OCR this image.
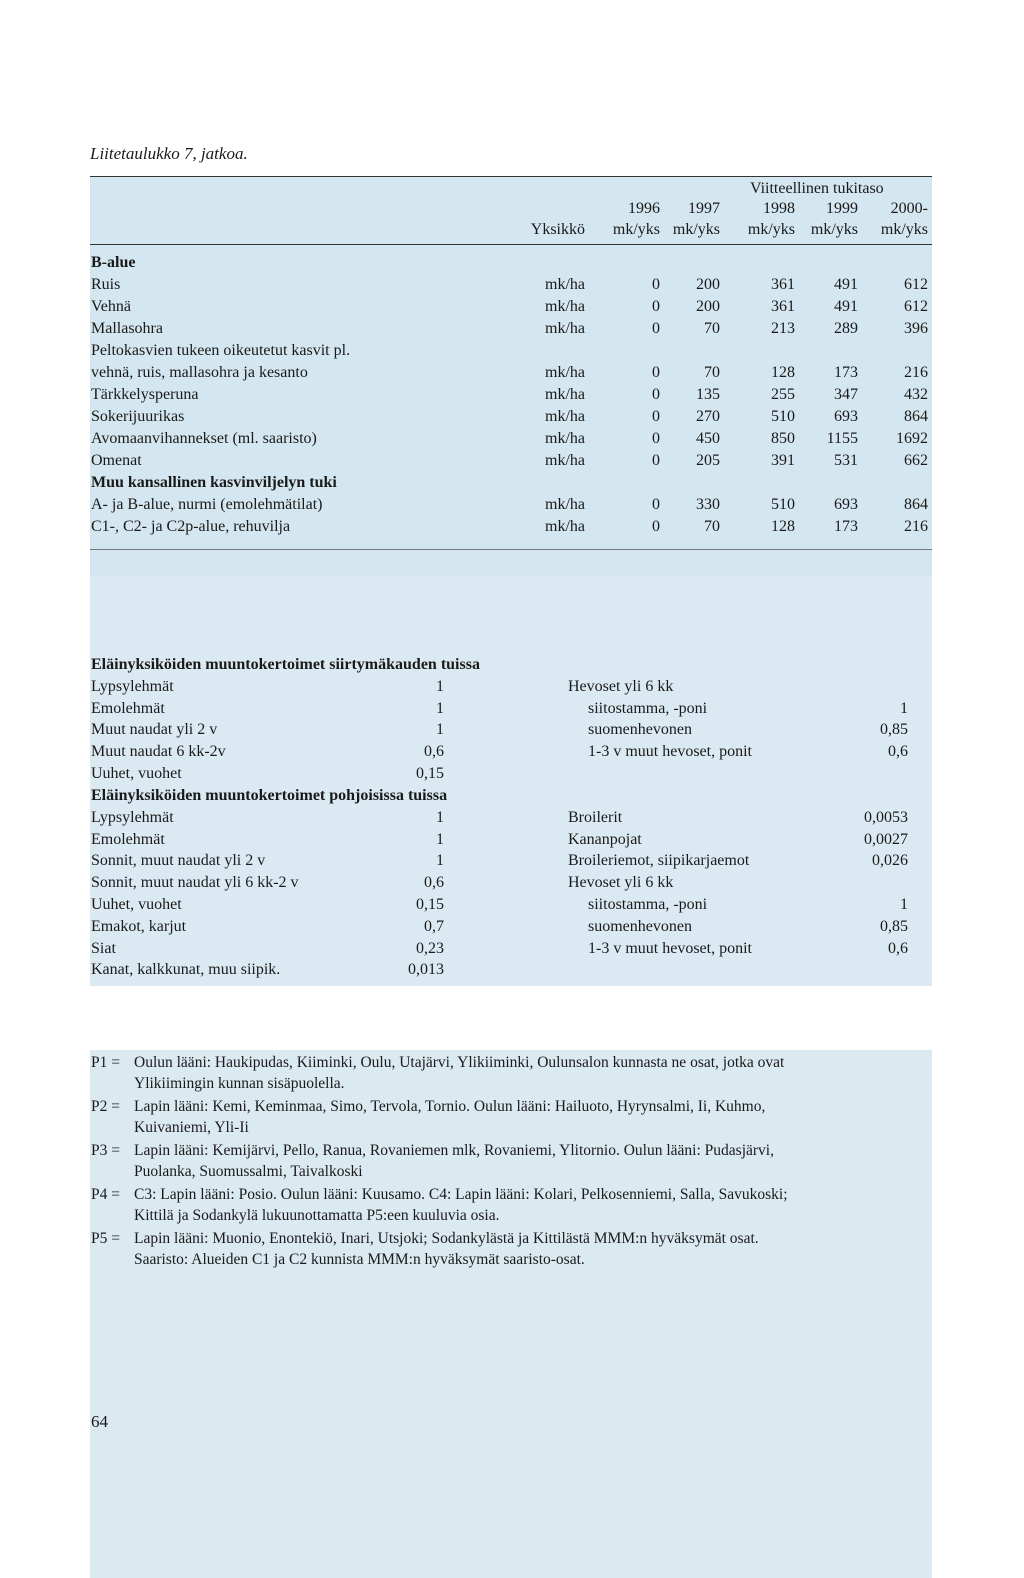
Liitetaulukko 7, jatkoa.
Viitteellinen tukitaso
1996	1997	1998	1999	2000-
Yksikkö	mk/yks mk/yks	mk/yks mk/yks	mk/yks
B-alue
Ruis	mk/ha	0	200	361	491	612
Vehnä	mk/ha	0	200	361	491	612
Mallasohra	mk/ha	0	70	213	289	396
Peltokasvien tukeen oikeutetut kasvit pl.
vehnä, ruis, mallasohra ja kesanto	mk/ha	0	70	128	173	216
Tärkkelysperuna	mk/ha	0	135	255	347	432
Sokerijuurikas	mk/ha	0	270	510	693	864
Avomaanvihannekset (ml. saaristo)	mk/ha	0	450	850	1155	1692
Omenat	mk/ha	0	205	391	531	662
Muu kansallinen kasvinviljelyn tuki
A- ja B-alue, nurmi (emolehmätilat)	mk/ha	0	330	510	693	864
C1-, C2- ja C2p-alue, rehuvilja	mk/ha	0	70	128	173	216
Eläinyksiköiden muuntokertoimet siirtymäkauden tuissa
Lypsylehmät	1
Emolehmät	1
Muut naudat yli 2 v	1
Muut naudat 6 kk-2v	0,6
Uuhet, vuohet	0,15
Hevoset yli 6 kk
siitostamma, -poni	1
suomenhevonen	0,85
1-3 v muut hevoset, ponit	0,6
Eläinyksiköiden muuntokertoimet pohjoisissa tuissa
Lypsylehmät	1
Emolehmät	1
Sonnit, muut naudat yli 2 v	1
Sonnit, muut naudat yli 6 kk-2 v	0,6
Uuhet, vuohet	0,15
Emakot, karjut	0,7
Siat	0,23
Kanat, kalkkunat, muu siipik.	0,013
Broilerit	0,0053
Kananpojat	0,0027
Broileriemot, siipikarjaemot	0,026
Hevoset yli 6 kk
siitostamma, -poni	1
suomenhevonen	0,85
1-3 v muut hevoset, ponit	0,6
P1 = Oulun lääni: Haukipudas, Kiiminki, Oulu, Utajärvi, Ylikiiminki, Oulunsalon kunnasta ne osat, jotka ovat
Ylikiimingin kunnan sisäpuolella.
P2 = Lapin lääni: Kemi, Keminmaa, Simo, Tervola, Tornio. Oulun lääni: Hailuoto, Hyrynsalmi, Ii, Kuhmo,
Kuivaniemi, Yli-Ii
P3 = Lapin lääni: Kemijärvi, Pello, Ranua, Rovaniemen mlk, Rovaniemi, Ylitornio. Oulun lääni: Pudasjärvi,
Puolanka, Suomussalmi, Taivalkoski
P4 = C3: Lapin lääni: Posio. Oulun lääni: Kuusamo. C4: Lapin lääni: Kolari, Pelkosenniemi, Salla, Savukoski;
Kittilä ja Sodankylä lukuunottamatta P5:een kuuluvia osia.
P5 = Lapin lääni: Muonio, Enontekiö, Inari, Utsjoki; Sodankylästä ja Kittilästä MMM:n hyväksymät osat.
Saaristo: Alueiden C1 ja C2 kunnista MMM:n hyväksymät saaristo-osat.
64
